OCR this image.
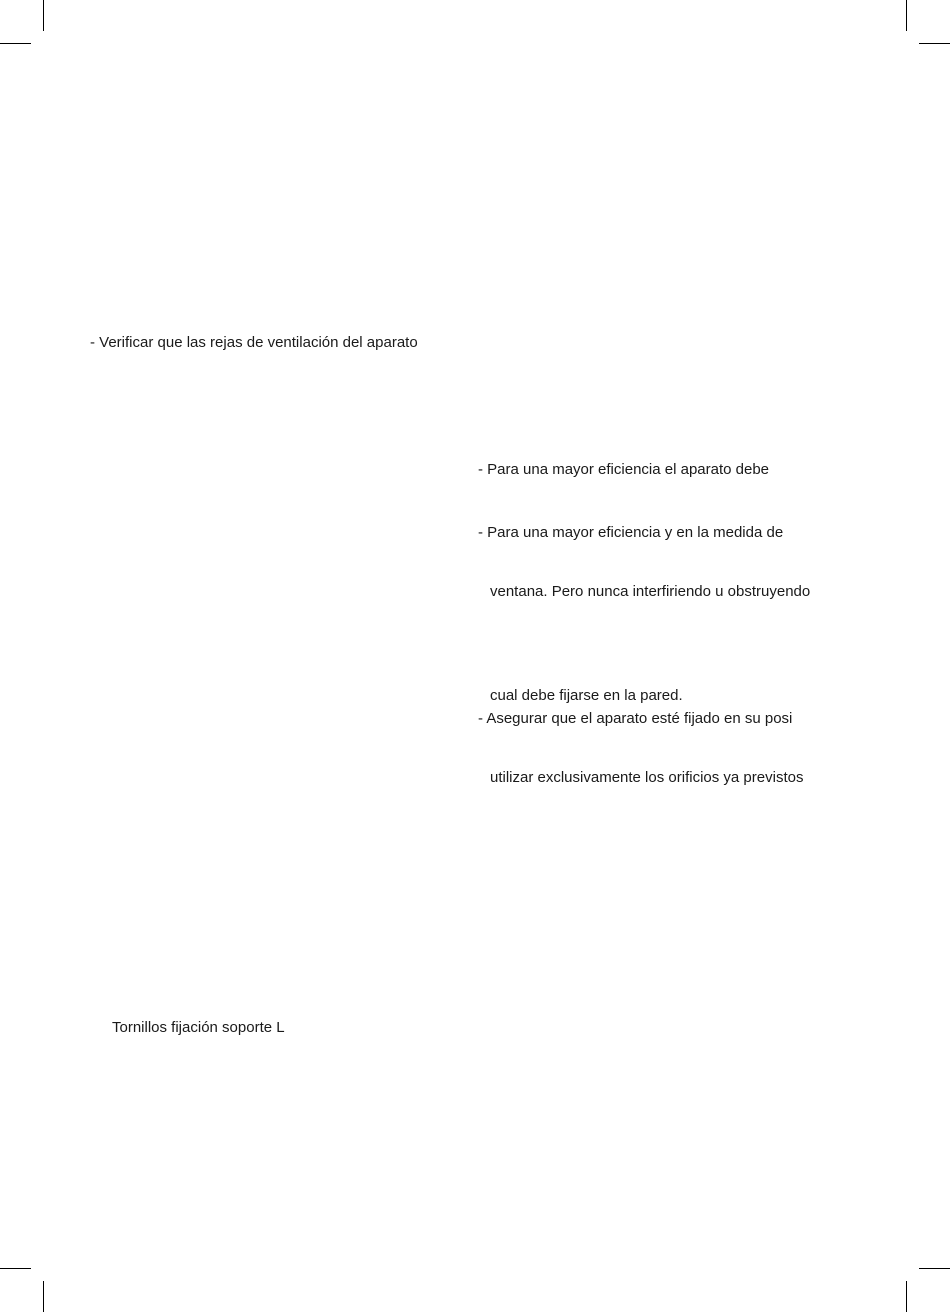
- Verificar que las rejas de ventilación del aparato
Tornillos fijación soporte L
- Para una mayor eficiencia el aparato debe
- Para una mayor eficiencia y en la medida de
ventana. Pero nunca interfiriendo u obstruyendo
cual debe fijarse en la pared.
- Asegurar que el aparato esté fijado en su posi
utilizar exclusivamente los orificios ya previstos
